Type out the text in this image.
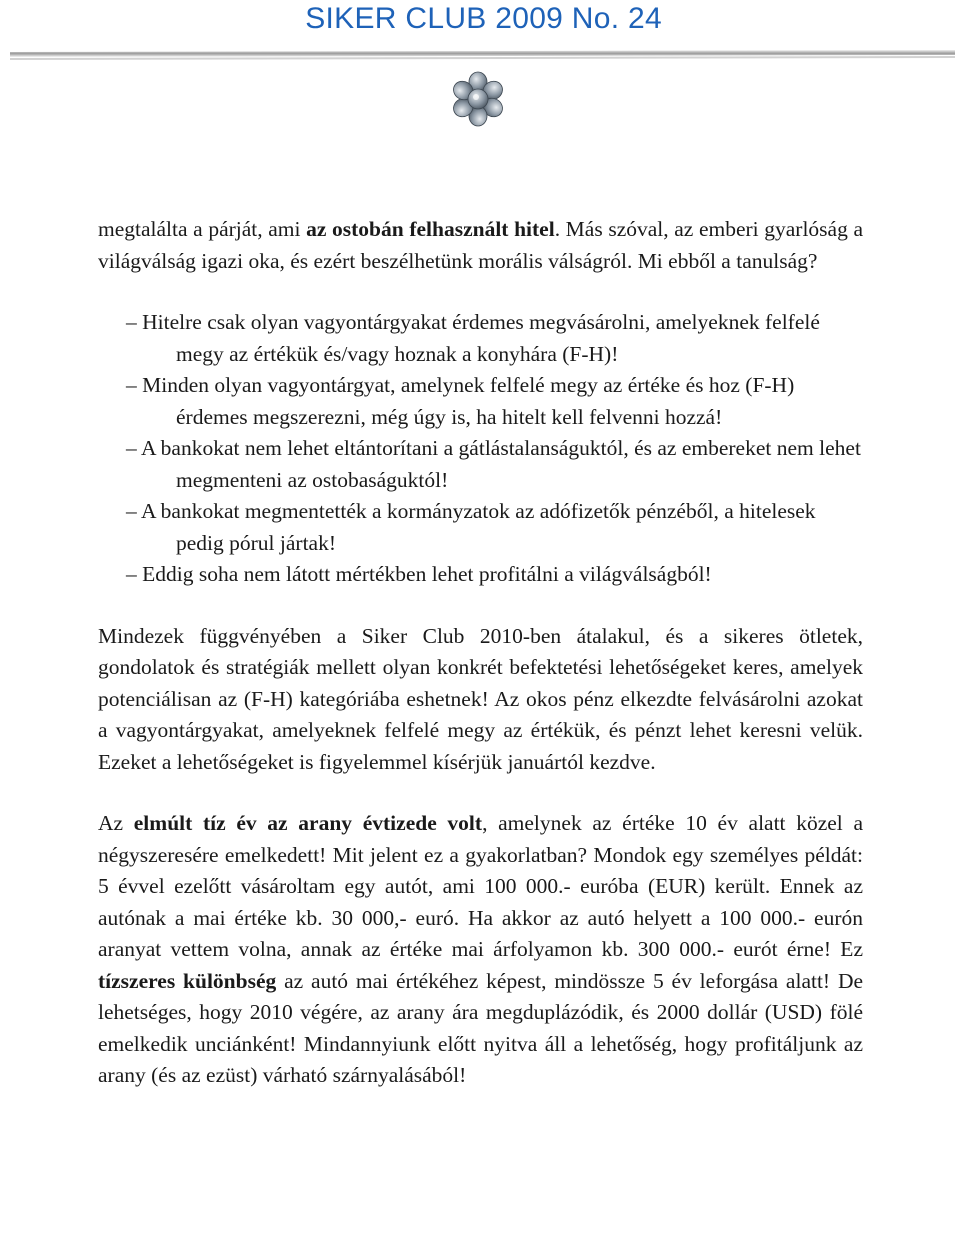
SIKER CLUB 2009 No. 24

megtalálta a párját, ami az ostobán felhasznált hitel. Más szóval, az emberi gyarlóság a világválság igazi oka, és ezért beszélhetünk morális válságról. Mi ebből a tanulság?

– Hitelre csak olyan vagyontárgyakat érdemes megvásárolni, amelyeknek felfelé megy az értékük és/vagy hoznak a konyhára (F-H)!
– Minden olyan vagyontárgyat, amelynek felfelé megy az értéke és hoz (F-H) érdemes megszerezni, még úgy is, ha hitelt kell felvenni hozzá!
– A bankokat nem lehet eltántorítani a gátlástalanságuktól, és az embereket nem lehet megmenteni az ostobaságuktól!
– A bankokat megmentették a kormányzatok az adófizetők pénzéből, a hitelesek pedig pórul jártak!
– Eddig soha nem látott mértékben lehet profitálni a világválságból!

Mindezek függvényében a Siker Club 2010-ben átalakul, és a sikeres ötletek, gondolatok és stratégiák mellett olyan konkrét befektetési lehetőségeket keres, amelyek potenciálisan az (F-H) kategóriába eshetnek! Az okos pénz elkezdte felvásárolni azokat a vagyontárgyakat, amelyeknek felfelé megy az értékük, és pénzt lehet keresni velük. Ezeket a lehetőségeket is figyelemmel kísérjük januártól kezdve.

Az elmúlt tíz év az arany évtizede volt, amelynek az értéke 10 év alatt közel a négyszeresére emelkedett! Mit jelent ez a gyakorlatban? Mondok egy személyes példát: 5 évvel ezelőtt vásároltam egy autót, ami 100 000.- euróba (EUR) került. Ennek az autónak a mai értéke kb. 30 000,- euró. Ha akkor az autó helyett a 100 000.- eurón aranyat vettem volna, annak az értéke mai árfolyamon kb. 300 000.- eurót érne! Ez tízszeres különbség az autó mai értékéhez képest, mindössze 5 év leforgása alatt! De lehetséges, hogy 2010 végére, az arany ára megduplázódik, és 2000 dollár (USD) fölé emelkedik unciánként! Mindannyiunk előtt nyitva áll a lehetőség, hogy profitáljunk az arany (és az ezüst) várható szárnyalásából!
